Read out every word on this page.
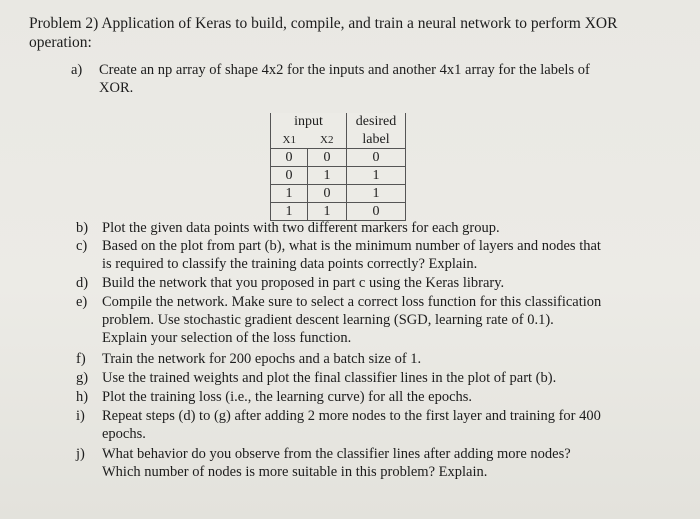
Problem 2) Application of Keras to build, compile, and train a neural network to perform XOR operation:
a) Create an np array of shape 4x2 for the inputs and another 4x1 array for the labels of
XOR.
input		desired
X1	X2	label
0	0	0
0	1	1
1	0	1
1	1	0
b) Plot the given data points with two different markers for each group.
c) Based on the plot from part (b), what is the minimum number of layers and nodes that
is required to classify the training data points correctly? Explain.
d) Build the network that you proposed in part c using the Keras library.
e) Compile the network. Make sure to select a correct loss function for this classification
problem. Use stochastic gradient descent learning (SGD, learning rate of 0.1).
Explain your selection of the loss function.
f) Train the network for 200 epochs and a batch size of 1.
g) Use the trained weights and plot the final classifier lines in the plot of part (b).
h) Plot the training loss (i.e., the learning curve) for all the epochs.
i) Repeat steps (d) to (g) after adding 2 more nodes to the first layer and training for 400
epochs.
j) What behavior do you observe from the classifier lines after adding more nodes?
Which number of nodes is more suitable in this problem? Explain.
